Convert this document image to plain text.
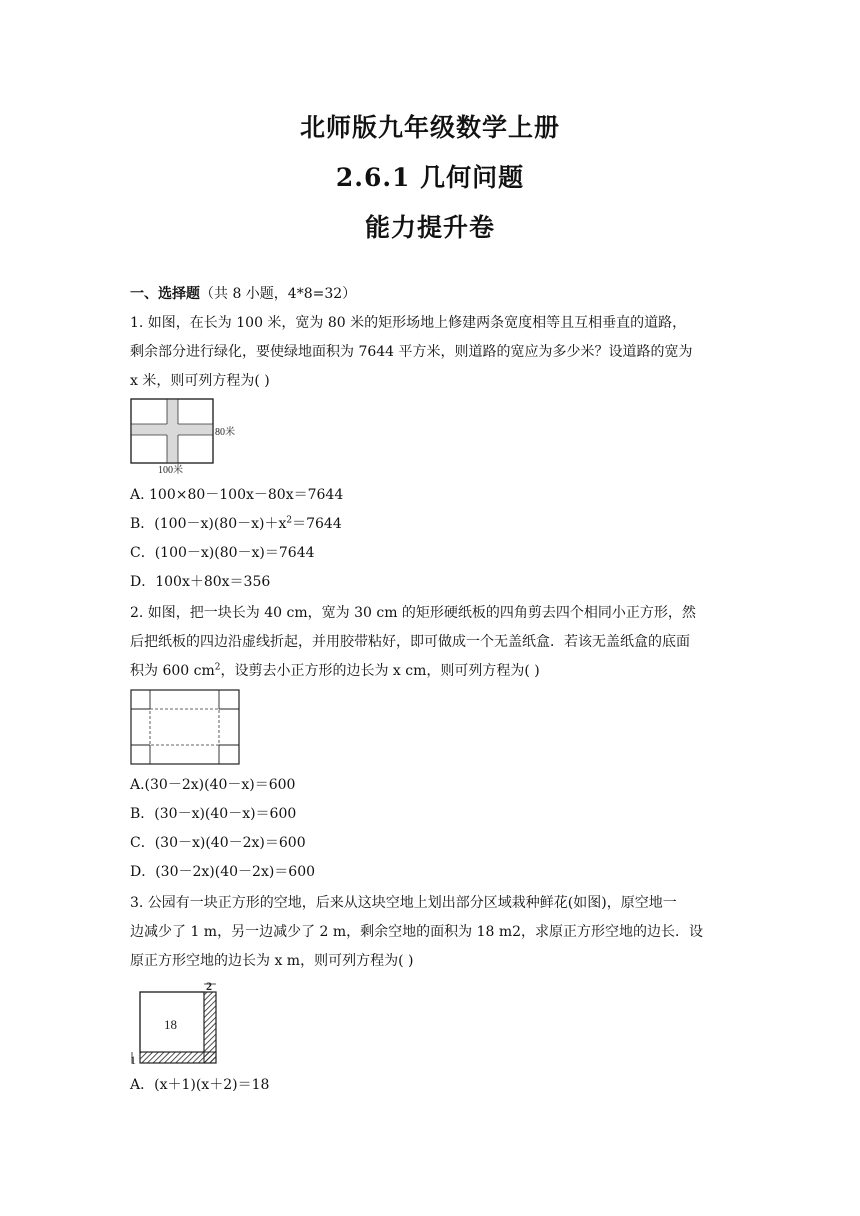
北师版九年级数学上册
2.6.1 几何问题
能力提升卷
一、选择题（共 8 小题，4*8=32）
1. 如图，在长为 100 米，宽为 80 米的矩形场地上修建两条宽度相等且互相垂直的道路，
剩余部分进行绿化，要使绿地面积为 7644 平方米，则道路的宽应为多少米？设道路的宽为
x 米，则可列方程为( )
80米
100米
A. 100×80－100x－80x＝7644
B．$(100-x)(80-x)+x^2=7644$
C．(100－x)(80－x)＝7644
D．100x＋80x＝356
2. 如图，把一块长为 40 cm，宽为 30 cm 的矩形硬纸板的四角剪去四个相同小正方形，然
后把纸板的四边沿虚线折起，并用胶带粘好，即可做成一个无盖纸盒．若该无盖纸盒的底面
积为 600 $cm^2$，设剪去小正方形的边长为 x cm，则可列方程为( )
A.(30－2x)(40－x)＝600
B．(30－x)(40－x)＝600
C．(30－x)(40－2x)＝600
D．(30－2x)(40－2x)＝600
3. 公园有一块正方形的空地，后来从这块空地上划出部分区域栽种鲜花(如图)，原空地一
边减少了 1 m，另一边减少了 2 m，剩余空地的面积为 18 m2，求原正方形空地的边长．设
原正方形空地的边长为 x m，则可列方程为( )
18
2
1
A．(x＋1)(x＋2)＝18
